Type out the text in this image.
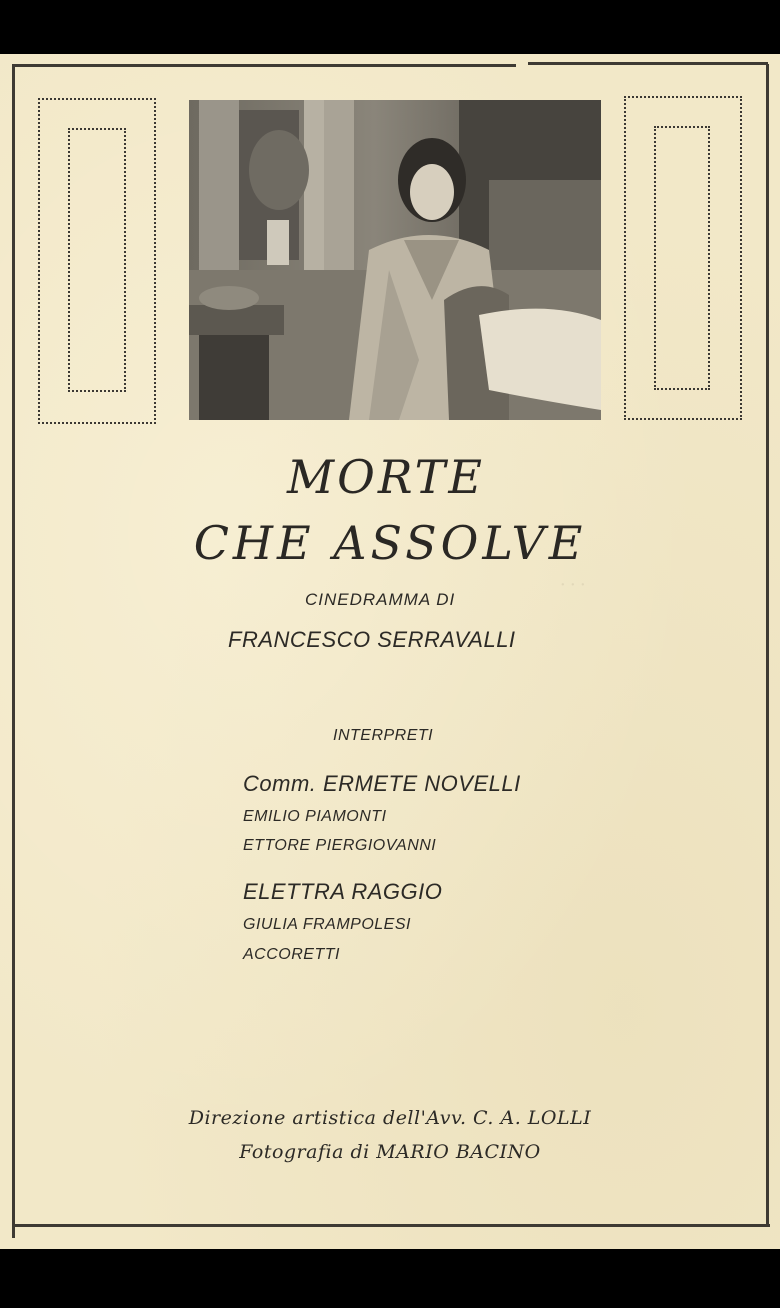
· · ·
MORTE
CHE ASSOLVE
CINEDRAMMA DI
FRANCESCO SERRAVALLI
INTERPRETI
Comm. ERMETE NOVELLI
EMILIO PIAMONTI
ETTORE PIERGIOVANNI
ELETTRA RAGGIO
GIULIA FRAMPOLESI
ACCORETTI
Direzione artistica dell'Avv. C. A. LOLLI
Fotografia di MARIO BACINO
